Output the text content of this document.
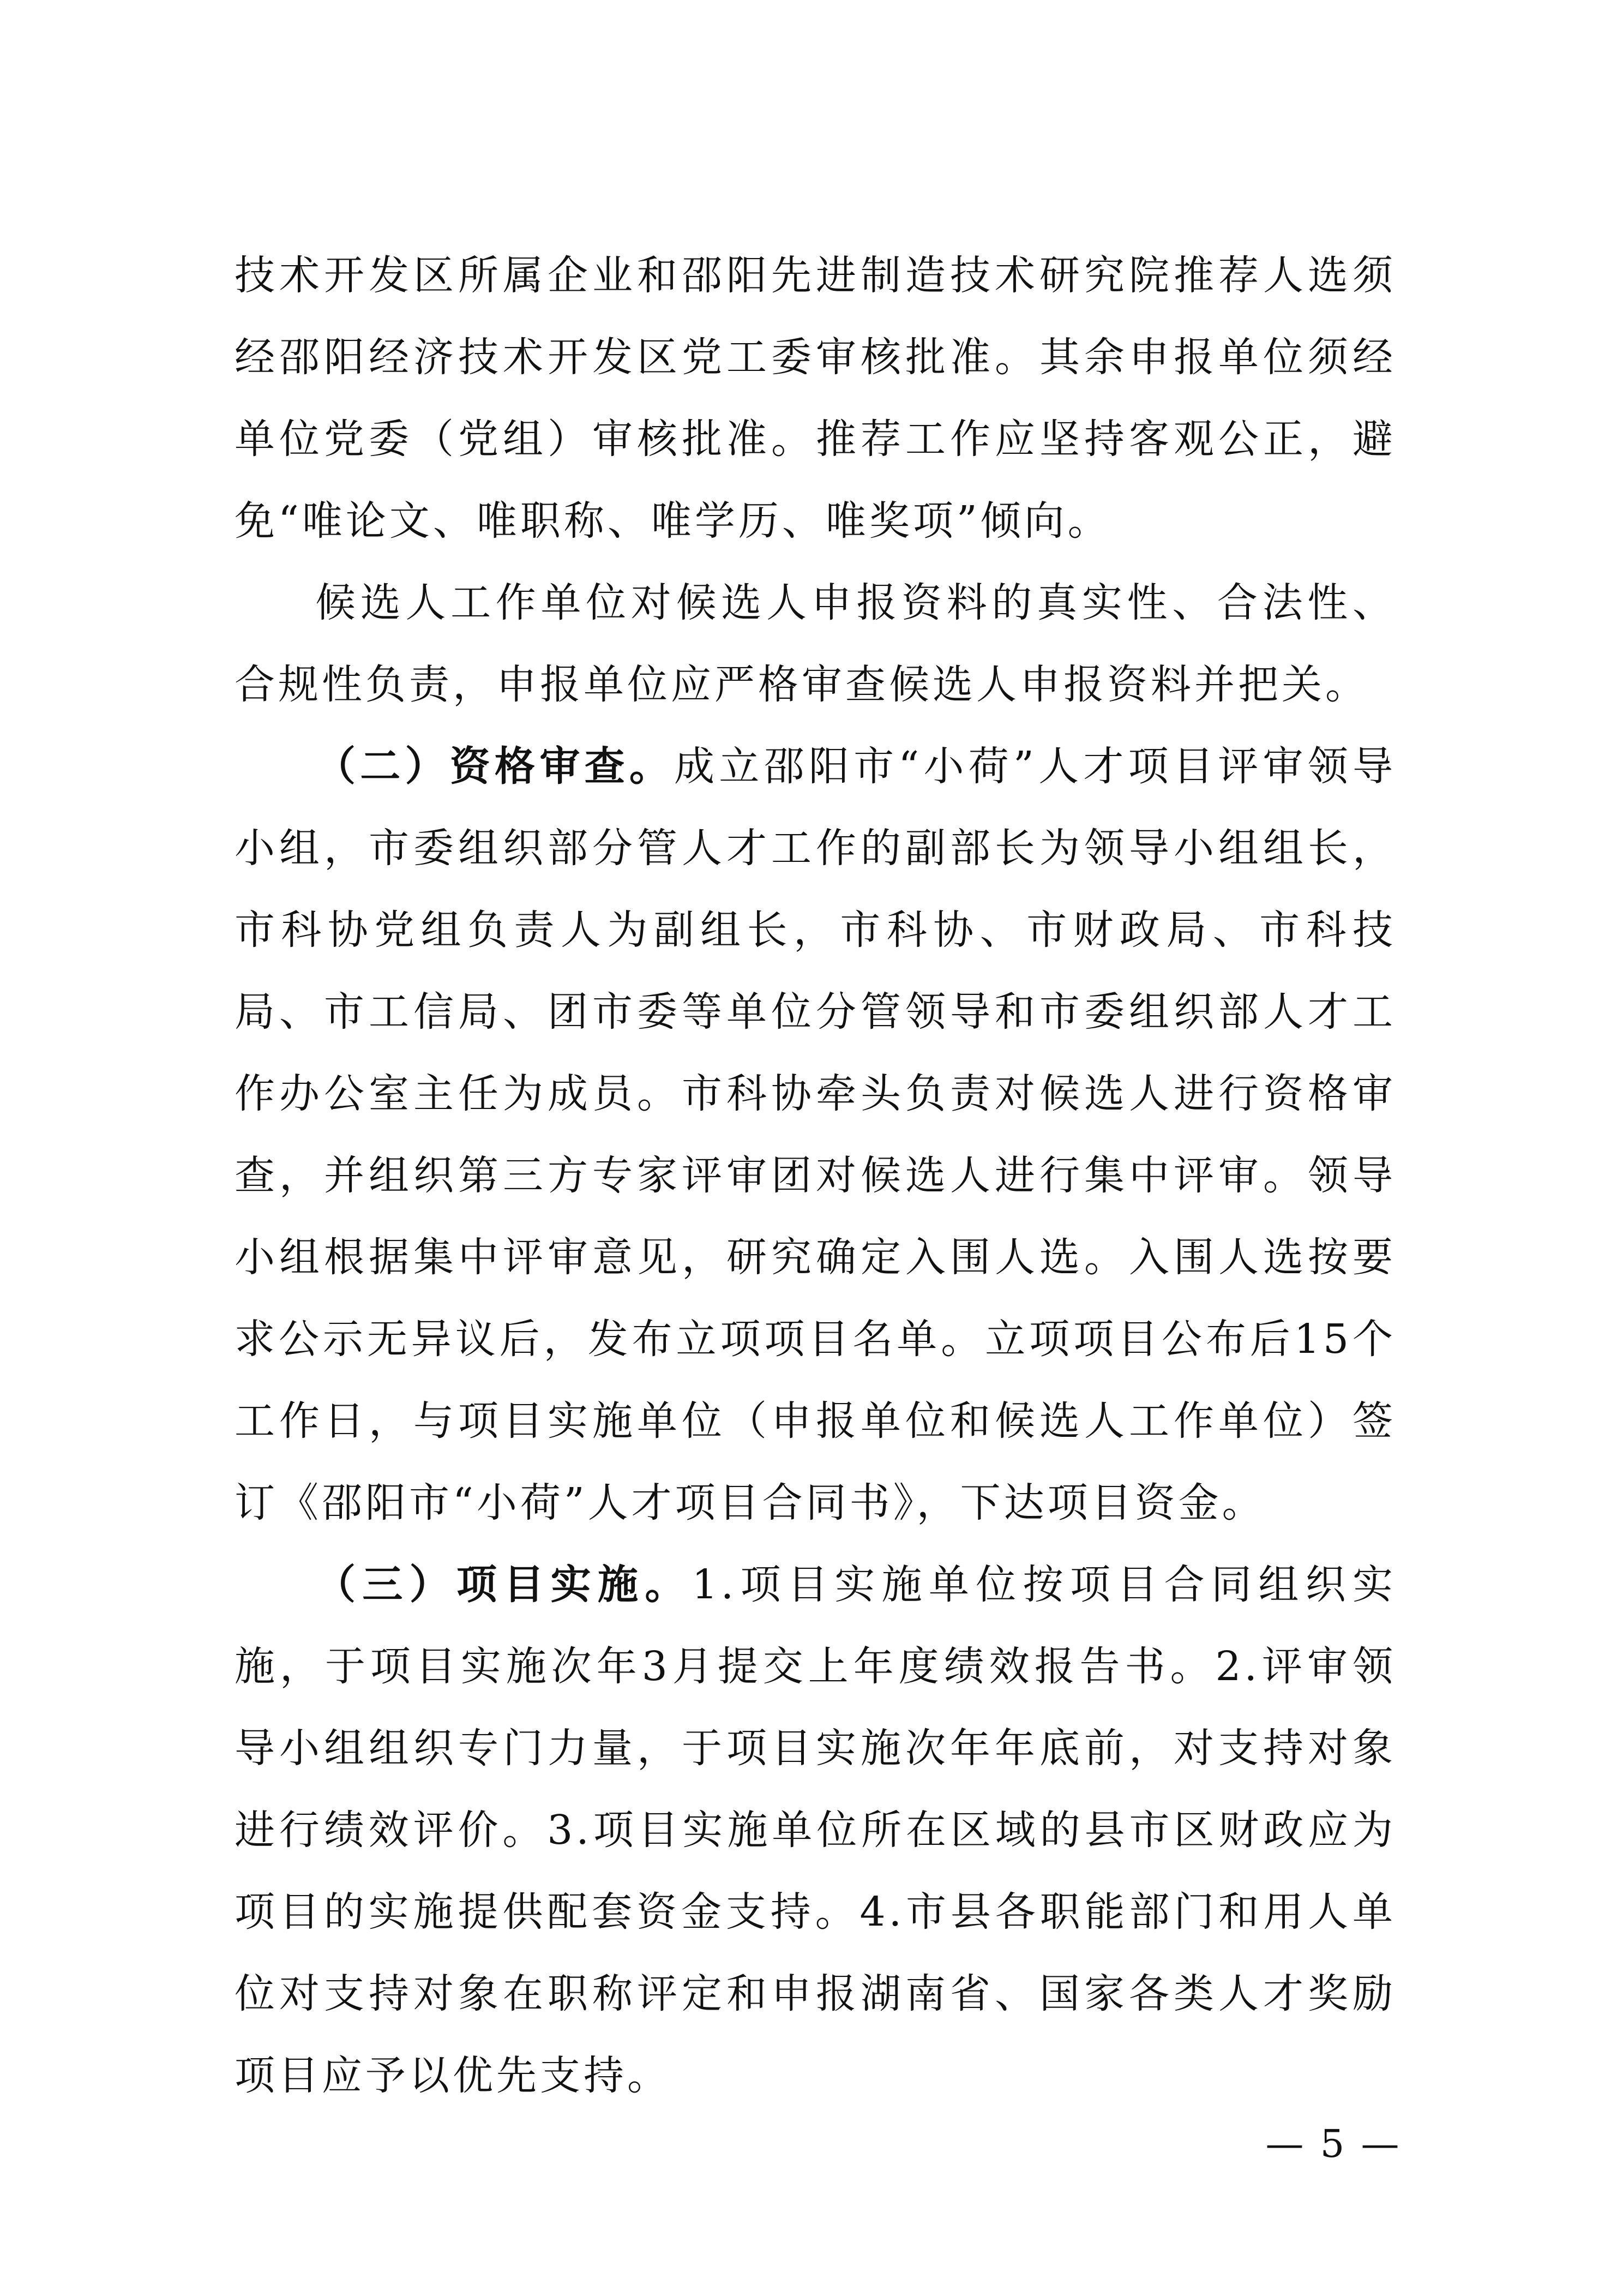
技术开发区所属企业和邵阳先进制造技术研究院推荐人选须经邵阳经济技术开发区党工委审核批准。其余申报单位须经单位党委（党组）审核批准。推荐工作应坚持客观公正，避免“唯论文、唯职称、唯学历、唯奖项”倾向。

候选人工作单位对候选人申报资料的真实性、合法性、合规性负责，申报单位应严格审查候选人申报资料并把关。

（二）资格审查。成立邵阳市“小荷”人才项目评审领导小组，市委组织部分管人才工作的副部长为领导小组组长，市科协党组负责人为副组长，市科协、市财政局、市科技局、市工信局、团市委等单位分管领导和市委组织部人才工作办公室主任为成员。市科协牵头负责对候选人进行资格审查，并组织第三方专家评审团对候选人进行集中评审。领导小组根据集中评审意见，研究确定入围人选。入围人选按要求公示无异议后，发布立项项目名单。立项项目公布后15个工作日，与项目实施单位（申报单位和候选人工作单位）签订《邵阳市“小荷”人才项目合同书》，下达项目资金。

（三）项目实施。1.项目实施单位按项目合同组织实施，于项目实施次年3月提交上年度绩效报告书。2.评审领导小组组织专门力量，于项目实施次年年底前，对支持对象进行绩效评价。3.项目实施单位所在区域的县市区财政应为项目的实施提供配套资金支持。4.市县各职能部门和用人单位对支持对象在职称评定和申报湖南省、国家各类人才奖励项目应予以优先支持。

— 5 —
